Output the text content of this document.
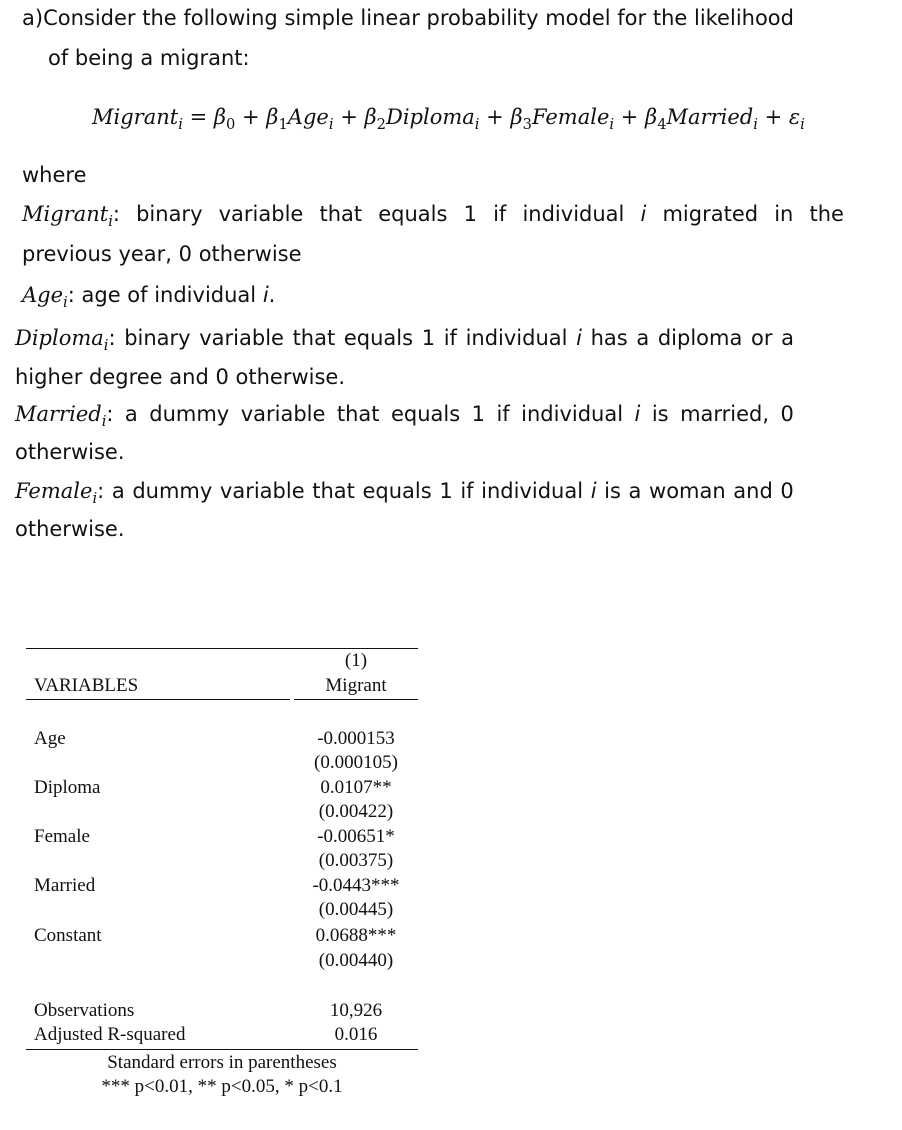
a)Consider the following simple linear probability model for the likelihood
of being a migrant:
Migrant$_i$ = $\beta_0 + \beta_1Age_i$ + $\beta_2Diploma_i$ + $\beta_3Female_i$ + $\beta_4Married_i + \varepsilon_i$
where
Migrant$_i$: binary variable that equals 1 if individual i migrated in the
previous year, 0 otherwise
Age$_i$: age of individual i.
Diploma$_i$: binary variable that equals 1 if individual i has a diploma or a
higher degree and 0 otherwise.
Married$_i$: a dummy variable that equals 1 if individual i is married, 0
otherwise.
Female$_i$: a dummy variable that equals 1 if individual i is a woman and 0
otherwise.
(1)
VARIABLES	Migrant
Age	-0.000153
(0.000105)
Diploma	0.0107**
(0.00422)
Female	-0.00651*
(0.00375)
Married	-0.0443***
(0.00445)
Constant	0.0688***
(0.00440)
Observations	10,926
Adjusted R-squared	0.016
Standard errors in parentheses
*** p<0.01, ** p<0.05, * p<0.1
